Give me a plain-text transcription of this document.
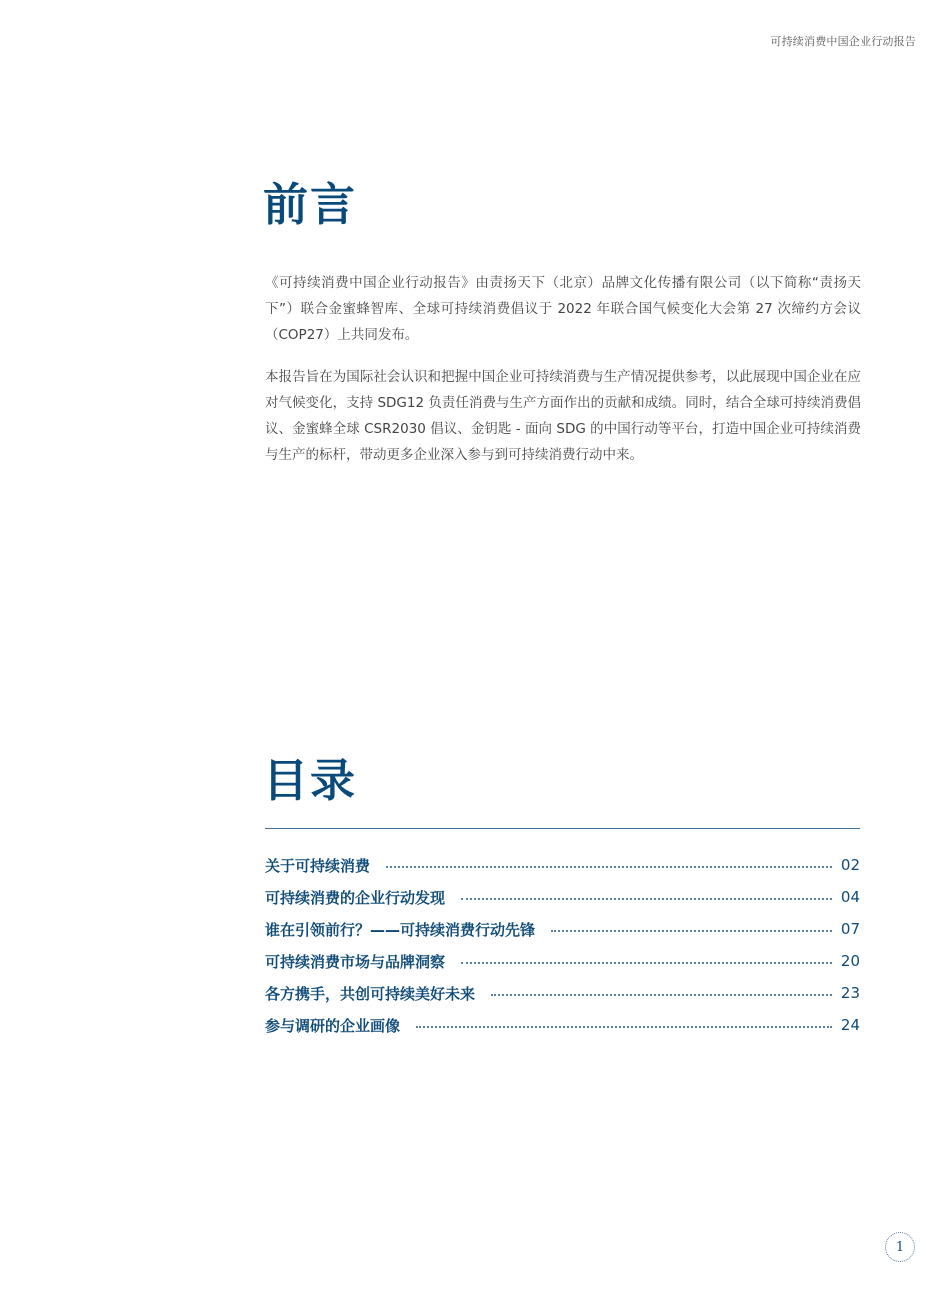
可持续消费中国企业行动报告
前言

《可持续消费中国企业行动报告》由责扬天下（北京）品牌文化传播有限公司（以下简称“责扬天下”）联合金蜜蜂智库、全球可持续消费倡议于 2022 年联合国气候变化大会第 27 次缔约方会议（COP27）上共同发布。

本报告旨在为国际社会认识和把握中国企业可持续消费与生产情况提供参考，以此展现中国企业在应对气候变化，支持 SDG12 负责任消费与生产方面作出的贡献和成绩。同时，结合全球可持续消费倡议、金蜜蜂全球 CSR2030 倡议、金钥匙 - 面向 SDG 的中国行动等平台，打造中国企业可持续消费与生产的标杆，带动更多企业深入参与到可持续消费行动中来。

目录
关于可持续消费	02
可持续消费的企业行动发现	04
谁在引领前行？——可持续消费行动先锋	07
可持续消费市场与品牌洞察	20
各方携手，共创可持续美好未来	23
参与调研的企业画像	24
1
